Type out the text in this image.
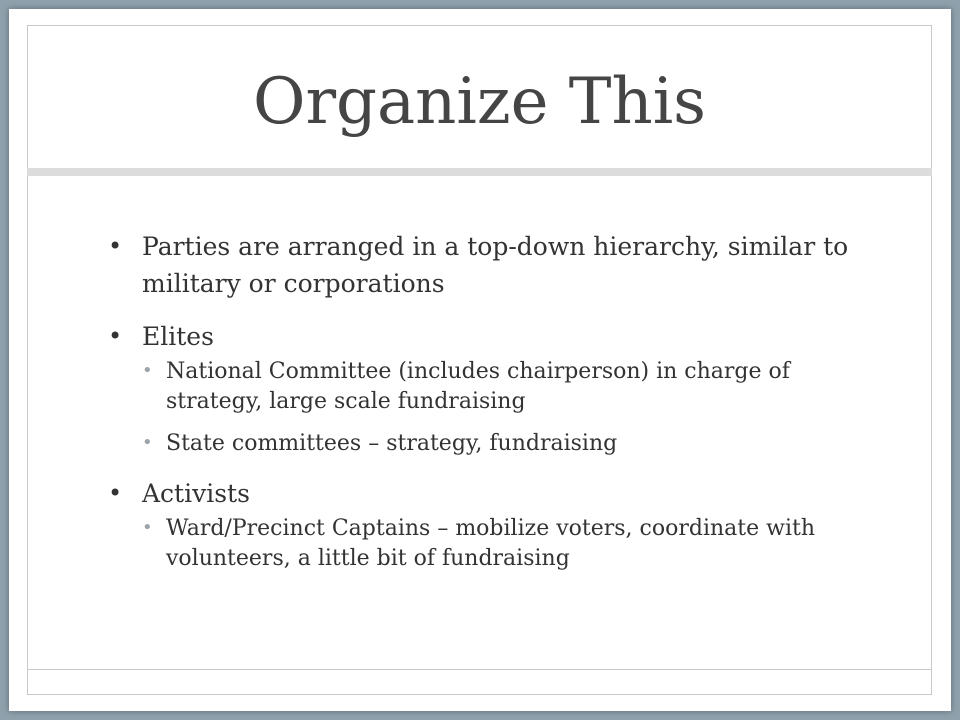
Organize This
• Parties are arranged in a top-down hierarchy, similar to military or corporations
• Elites
• National Committee (includes chairperson) in charge of strategy, large scale fundraising
• State committees – strategy, fundraising
• Activists
• Ward/Precinct Captains – mobilize voters, coordinate with volunteers, a little bit of fundraising
